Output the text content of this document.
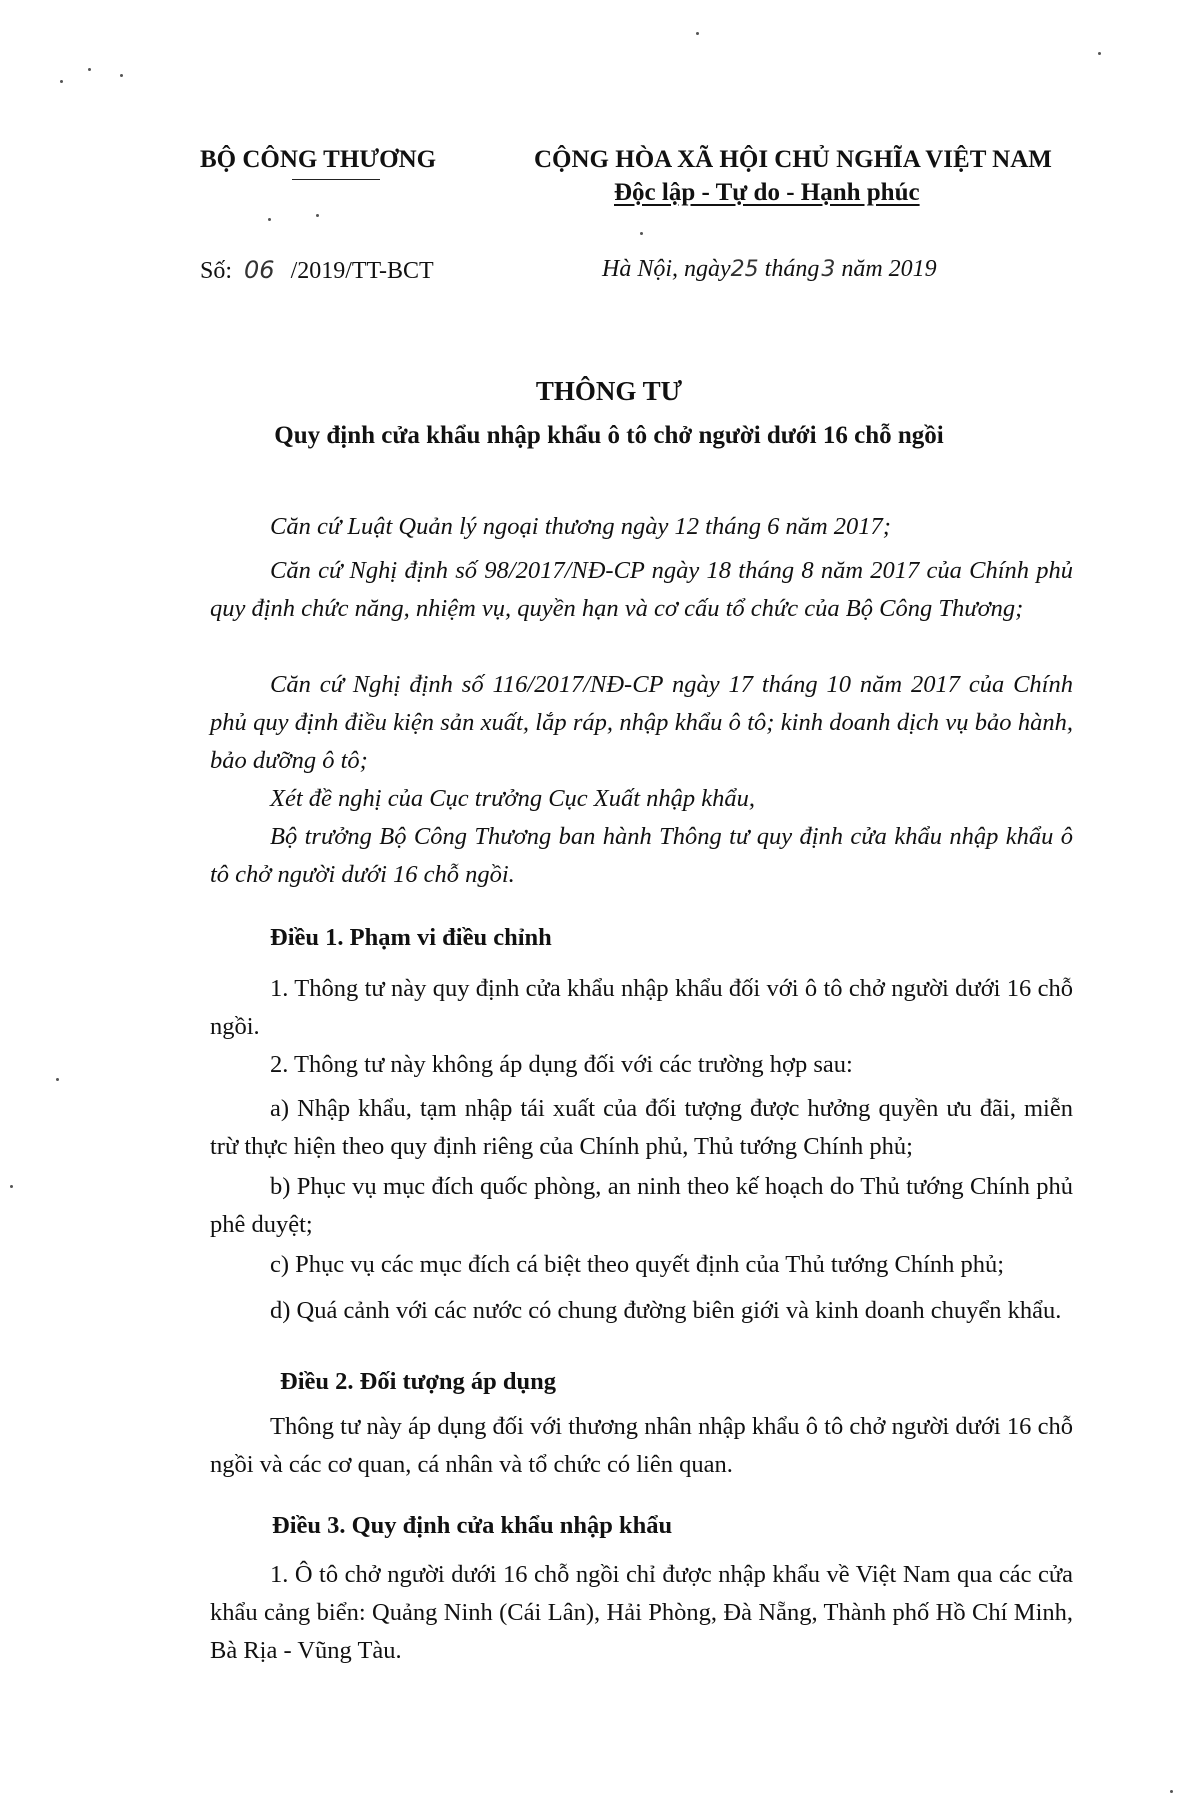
BỘ CÔNG THƯƠNG	CỘNG HÒA XÃ HỘI CHỦ NGHĨA VIỆT NAM
Độc lập - Tự do - Hạnh phúc
Số: 06 /2019/TT-BCT	Hà Nội, ngày25 tháng3 năm 2019
THÔNG TƯ
Quy định cửa khẩu nhập khẩu ô tô chở người dưới 16 chỗ ngồi

Căn cứ Luật Quản lý ngoại thương ngày 12 tháng 6 năm 2017;

Căn cứ Nghị định số 98/2017/NĐ-CP ngày 18 tháng 8 năm 2017 của Chính phủ quy định chức năng, nhiệm vụ, quyền hạn và cơ cấu tổ chức của Bộ Công Thương;

Căn cứ Nghị định số 116/2017/NĐ-CP ngày 17 tháng 10 năm 2017 của Chính phủ quy định điều kiện sản xuất, lắp ráp, nhập khẩu ô tô; kinh doanh dịch vụ bảo hành, bảo dưỡng ô tô;

Xét đề nghị của Cục trưởng Cục Xuất nhập khẩu,

Bộ trưởng Bộ Công Thương ban hành Thông tư quy định cửa khẩu nhập khẩu ô tô chở người dưới 16 chỗ ngồi.

Điều 1. Phạm vi điều chỉnh

1. Thông tư này quy định cửa khẩu nhập khẩu đối với ô tô chở người dưới 16 chỗ ngồi.

2. Thông tư này không áp dụng đối với các trường hợp sau:

a) Nhập khẩu, tạm nhập tái xuất của đối tượng được hưởng quyền ưu đãi, miễn trừ thực hiện theo quy định riêng của Chính phủ, Thủ tướng Chính phủ;

b) Phục vụ mục đích quốc phòng, an ninh theo kế hoạch do Thủ tướng Chính phủ phê duyệt;

c) Phục vụ các mục đích cá biệt theo quyết định của Thủ tướng Chính phủ;

d) Quá cảnh với các nước có chung đường biên giới và kinh doanh chuyển khẩu.

Điều 2. Đối tượng áp dụng

Thông tư này áp dụng đối với thương nhân nhập khẩu ô tô chở người dưới 16 chỗ ngồi và các cơ quan, cá nhân và tổ chức có liên quan.

Điều 3. Quy định cửa khẩu nhập khẩu

1. Ô tô chở người dưới 16 chỗ ngồi chỉ được nhập khẩu về Việt Nam qua các cửa khẩu cảng biển: Quảng Ninh (Cái Lân), Hải Phòng, Đà Nẵng, Thành phố Hồ Chí Minh, Bà Rịa - Vũng Tàu.
